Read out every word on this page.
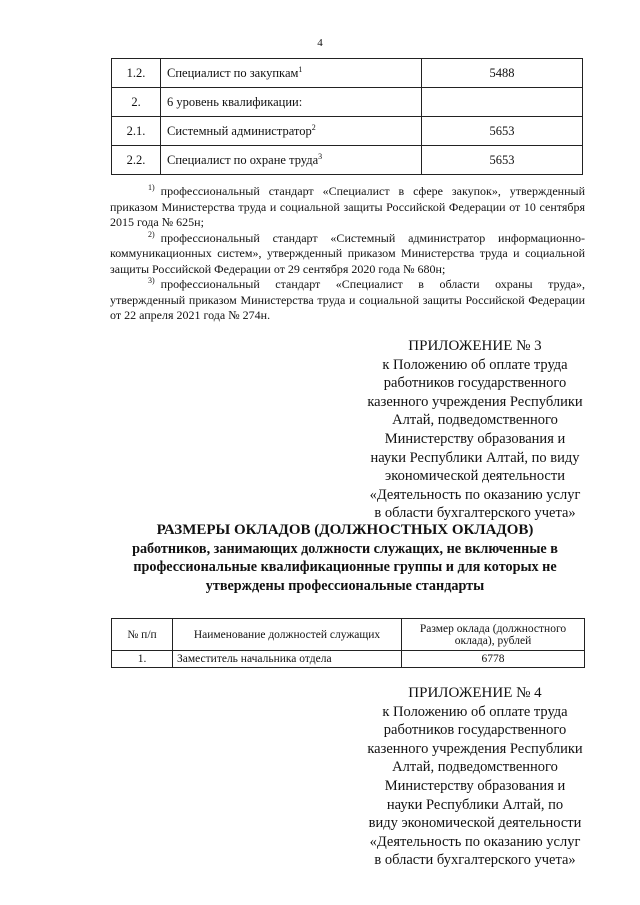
4
1.2.	Специалист по закупкам$^1$	5488
2.	6 уровень квалификации:	
2.1.	Системный администратор$^2$	5653
2.2.	Специалист по охране труда$^3$	5653

$^{1)}$ профессиональный стандарт «Специалист в сфере закупок», утвержденный приказом Министерства труда и социальной защиты Российской Федерации от 10 сентября 2015 года № 625н;

$^{2)}$ профессиональный стандарт «Системный администратор информационно-коммуникационных систем», утвержденный приказом Министерства труда и социальной защиты Российской Федерации от 29 сентября 2020 года № 680н;

$^{3)}$ профессиональный стандарт «Специалист в области охраны труда», утвержденный приказом Министерства труда и социальной защиты Российской Федерации от 22 апреля 2021 года № 274н.

ПРИЛОЖЕНИЕ № 3
к Положению об оплате труда
работников государственного
казенного учреждения Республики
Алтай, подведомственного
Министерству образования и
науки Республики Алтай, по виду
экономической деятельности
«Деятельность по оказанию услуг
в области бухгалтерского учета»
РАЗМЕРЫ ОКЛАДОВ (ДОЛЖНОСТНЫХ ОКЛАДОВ)
работников, занимающих должности служащих, не включенные в
профессиональные квалификационные группы и для которых не
утверждены профессиональные стандарты
№ п/п	Наименование должностей служащих	Размер оклада (должностного оклада), рублей
1.	Заместитель начальника отдела	6778
ПРИЛОЖЕНИЕ № 4
к Положению об оплате труда
работников государственного
казенного учреждения Республики
Алтай, подведомственного
Министерству образования и
науки Республики Алтай, по
виду экономической деятельности
«Деятельность по оказанию услуг
в области бухгалтерского учета»
